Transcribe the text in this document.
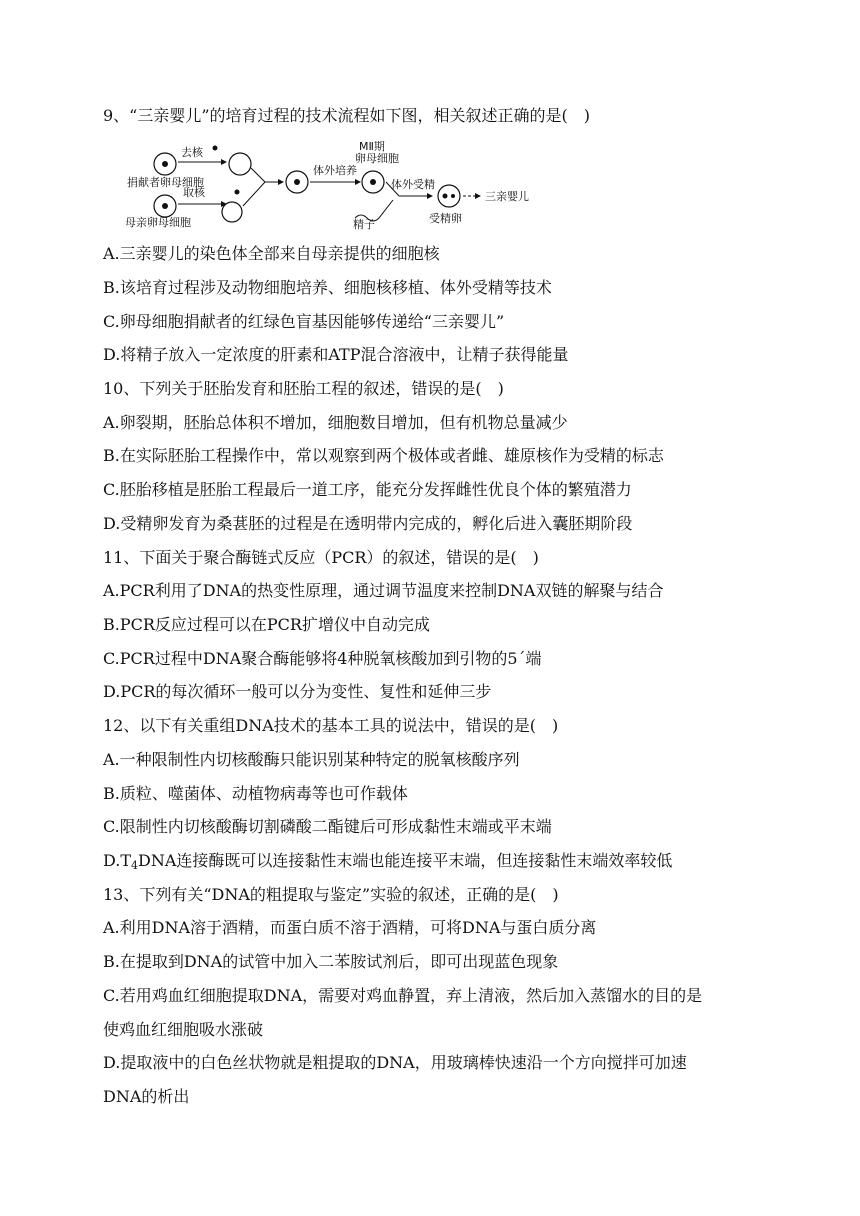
9、“三亲婴儿”的培育过程的技术流程如下图，相关叙述正确的是(　)
捐献者卵母细胞
去核
母亲卵母细胞
取核
体外培养
MⅡ期
卵母细胞
精子
体外受精
受精卵
三亲婴儿
A.三亲婴儿的染色体全部来自母亲提供的细胞核
B.该培育过程涉及动物细胞培养、细胞核移植、体外受精等技术
C.卵母细胞捐献者的红绿色盲基因能够传递给“三亲婴儿”
D.将精子放入一定浓度的肝素和ATP混合溶液中，让精子获得能量
10、下列关于胚胎发育和胚胎工程的叙述，错误的是(　)
A.卵裂期，胚胎总体积不增加，细胞数目增加，但有机物总量减少
B.在实际胚胎工程操作中，常以观察到两个极体或者雌、雄原核作为受精的标志
C.胚胎移植是胚胎工程最后一道工序，能充分发挥雌性优良个体的繁殖潜力
D.受精卵发育为桑葚胚的过程是在透明带内完成的，孵化后进入囊胚期阶段
11、下面关于聚合酶链式反应（PCR）的叙述，错误的是(　)
A.PCR利用了DNA的热变性原理，通过调节温度来控制DNA双链的解聚与结合
B.PCR反应过程可以在PCR扩增仪中自动完成
C.PCR过程中DNA聚合酶能够将4种脱氧核酸加到引物的5´端
D.PCR的每次循环一般可以分为变性、复性和延伸三步
12、以下有关重组DNA技术的基本工具的说法中，错误的是(　)
A.一种限制性内切核酸酶只能识别某种特定的脱氧核酸序列
B.质粒、噬菌体、动植物病毒等也可作载体
C.限制性内切核酸酶切割磷酸二酯键后可形成黏性末端或平末端
$D.T_4DNA$连接酶既可以连接黏性末端也能连接平末端，但连接黏性末端效率较低
13、下列有关“DNA的粗提取与鉴定”实验的叙述，正确的是(　)
A.利用DNA溶于酒精，而蛋白质不溶于酒精，可将DNA与蛋白质分离
B.在提取到DNA的试管中加入二苯胺试剂后，即可出现蓝色现象
C.若用鸡血红细胞提取DNA，需要对鸡血静置，弃上清液，然后加入蒸馏水的目的是
使鸡血红细胞吸水涨破
D.提取液中的白色丝状物就是粗提取的DNA，用玻璃棒快速沿一个方向搅拌可加速
DNA的析出
